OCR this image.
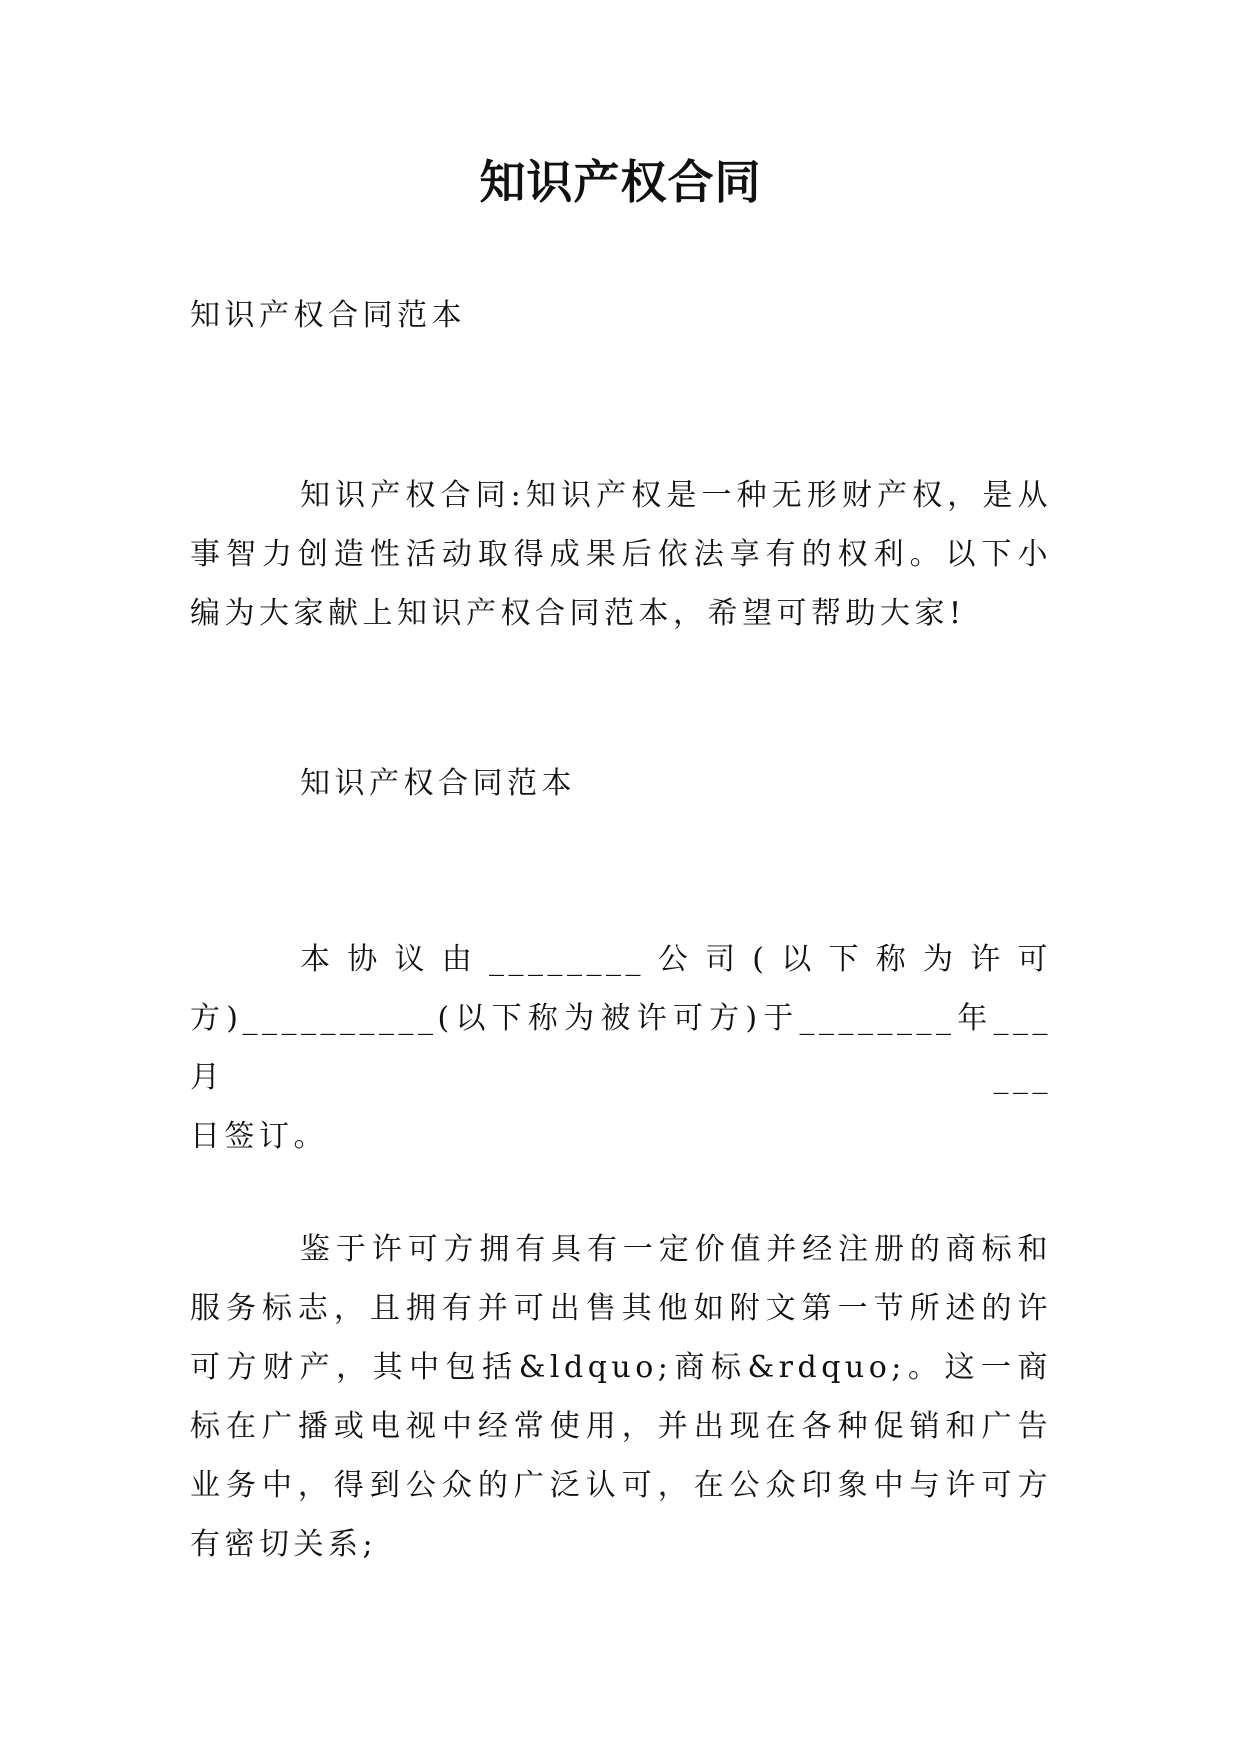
知识产权合同

知识产权合同范本

知识产权合同:知识产权是一种无形财产权，是从事智力创造性活动取得成果后依法享有的权利。以下小编为大家献上知识产权合同范本，希望可帮助大家!

知识产权合同范本

本协议由________公司(以下称为许可
方)__________(以下称为被许可方)于________年___月___
日签订。

鉴于许可方拥有具有一定价值并经注册的商标和服务标志，且拥有并可出售其他如附文第一节所述的许可方财产，其中包括&ldquo;商标&rdquo;。这一商标在广播或电视中经常使用，并出现在各种促销和广告业务中，得到公众的广泛认可，在公众印象中与许可方有密切关系;
